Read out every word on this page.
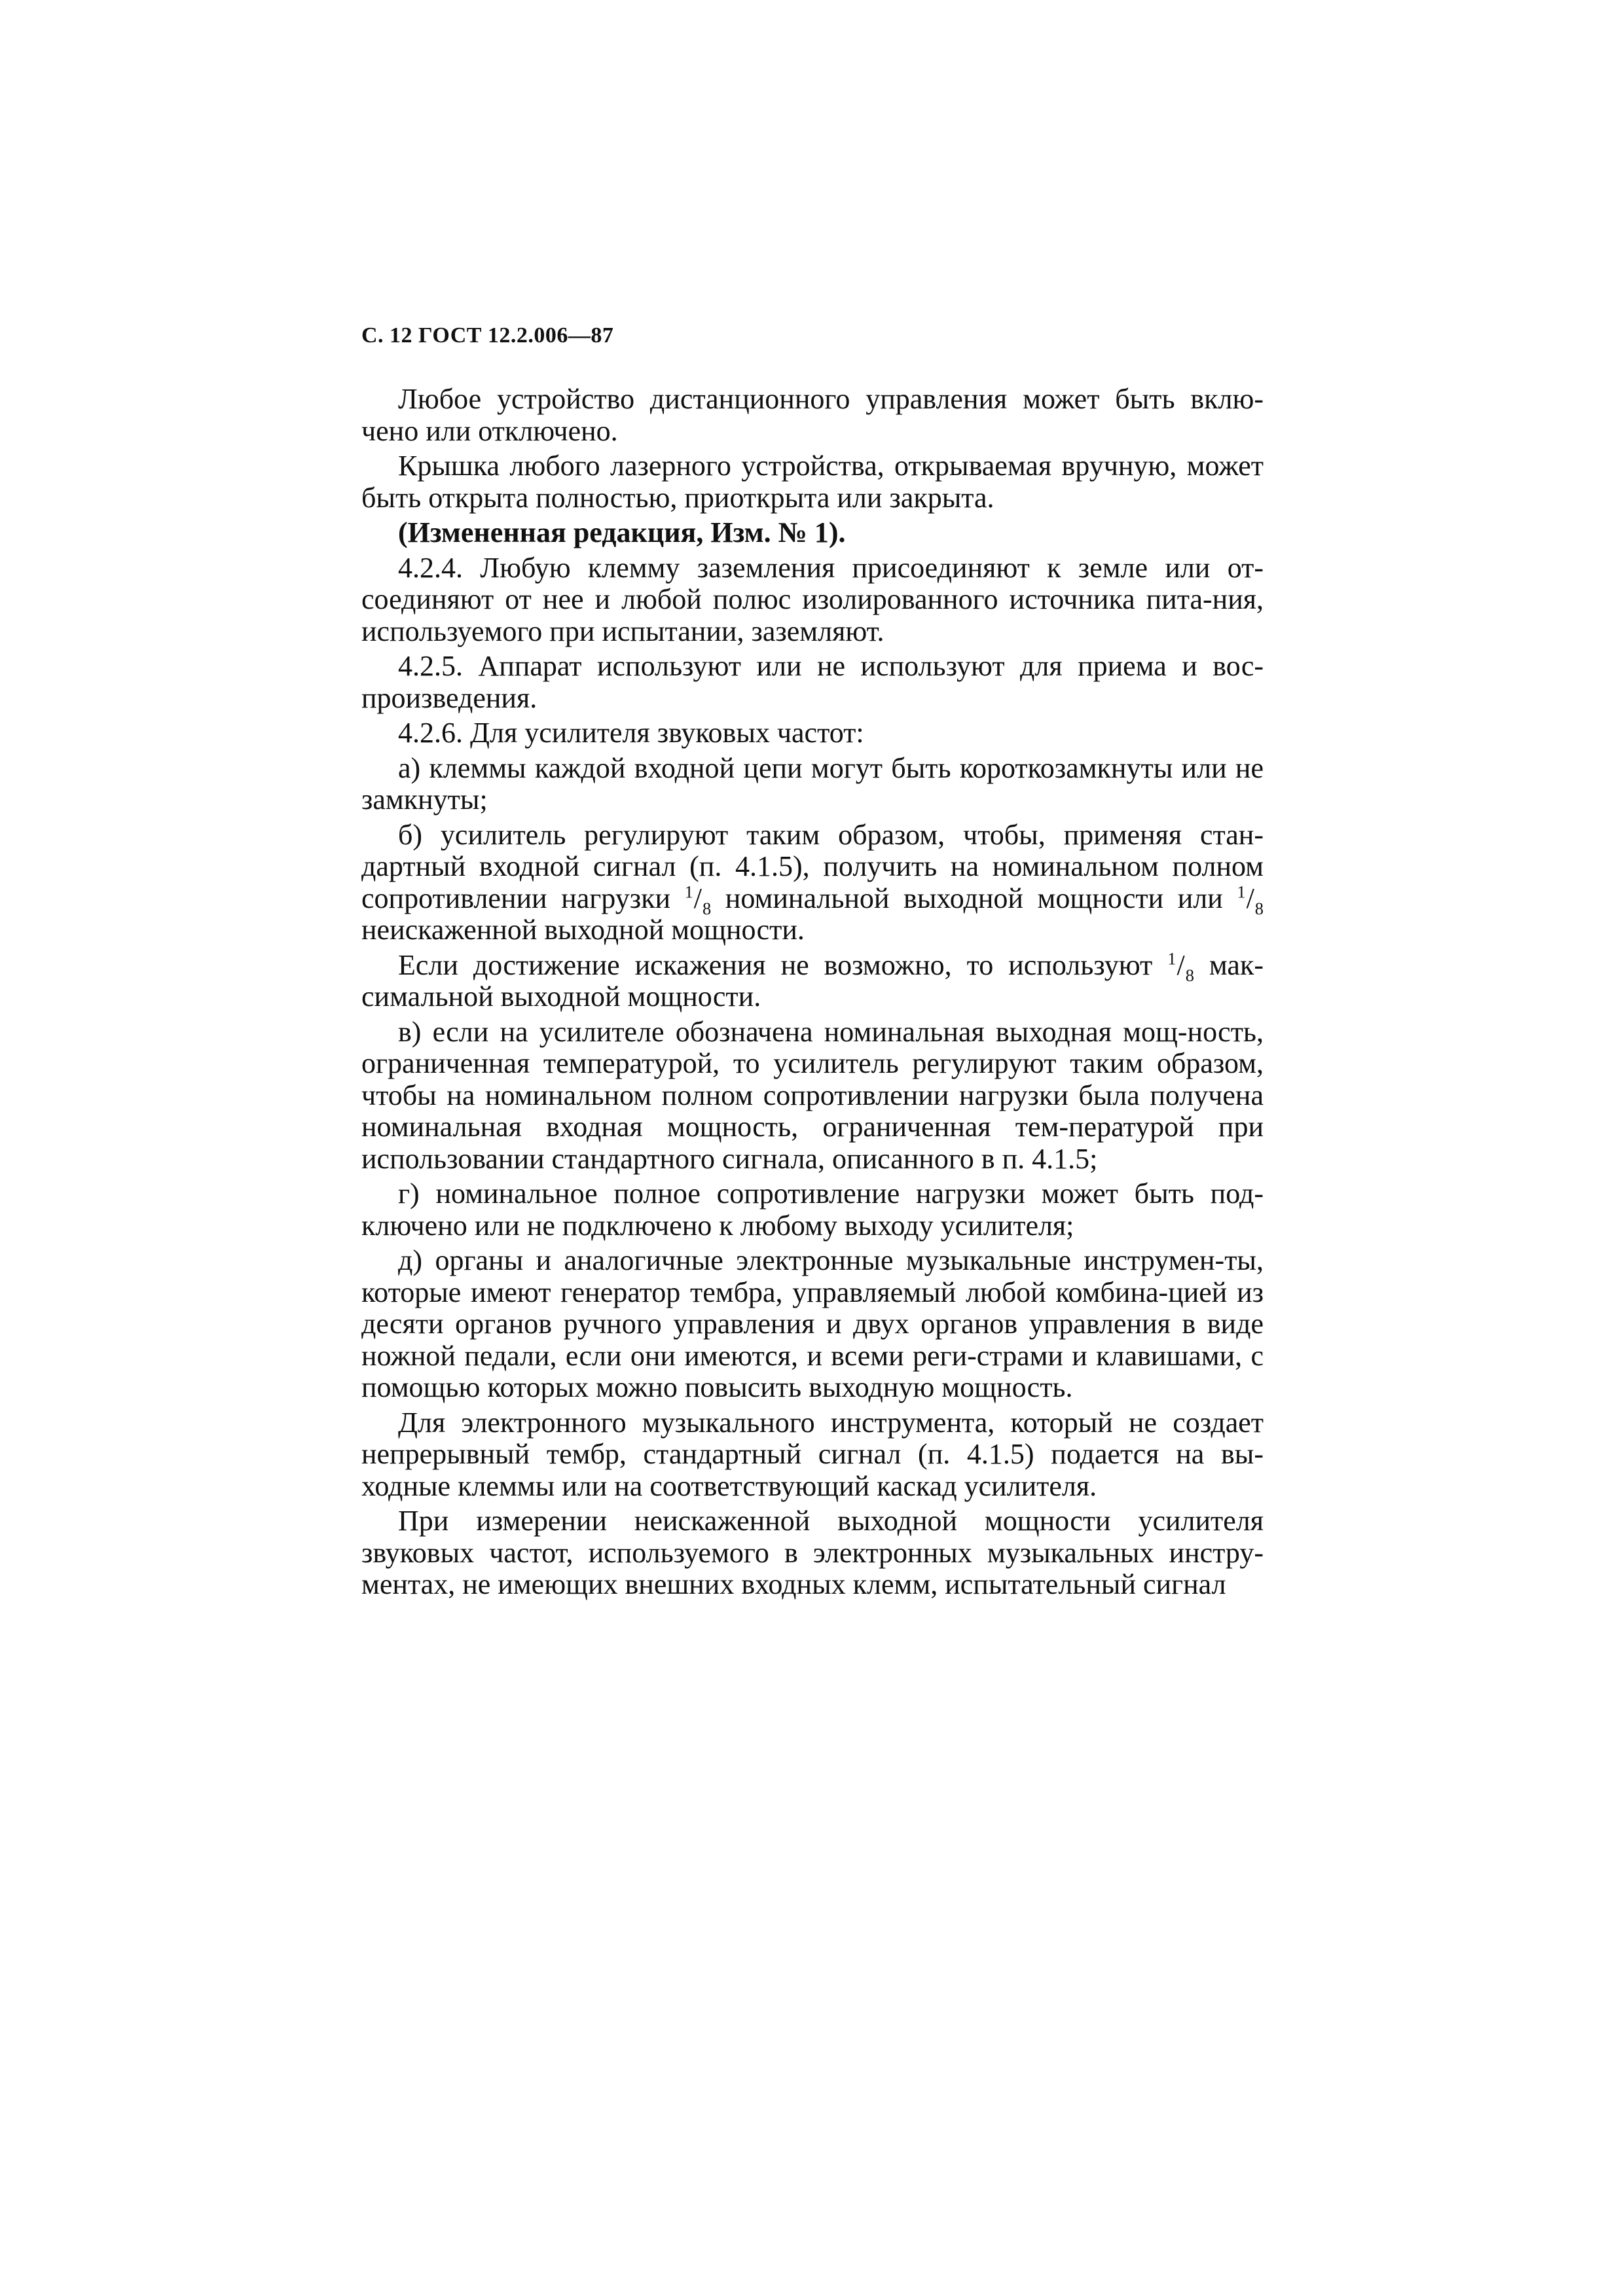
С. 12 ГОСТ 12.2.006—87

Любое устройство дистанционного управления может быть вклю-​чено или отключено.

Крышка любого лазерного устройства, открываемая вручную, может быть открыта полностью, приоткрыта или закрыта.

(Измененная редакция, Изм. № 1).

4.2.4. Любую клемму заземления присоединяют к земле или от-​соединяют от нее и любой полюс изолированного источника пита-​ния, используемого при испытании, заземляют.

4.2.5. Аппарат используют или не используют для приема и вос-​произведения.

4.2.6. Для усилителя звуковых частот:

а) клеммы каждой входной цепи могут быть короткозамкнуты или не замкнуты;

б) усилитель регулируют таким образом, чтобы, применяя стан-​дартный входной сигнал (п. 4.1.5), получить на номинальном полном сопротивлении нагрузки $^1/_8$ номинальной выходной мощности или $^1/_8$ неискаженной выходной мощности.

Если достижение искажения не возможно, то используют $^1/_8$ мак-​симальной выходной мощности.

в) если на усилителе обозначена номинальная выходная мощ-​ность, ограниченная температурой, то усилитель регулируют таким образом, чтобы на номинальном полном сопротивлении нагрузки была получена номинальная входная мощность, ограниченная тем-​пературой при использовании стандартного сигнала, описанного в п. 4.1.5;

г) номинальное полное сопротивление нагрузки может быть под-​ключено или не подключено к любому выходу усилителя;

д) органы и аналогичные электронные музыкальные инструмен-​ты, которые имеют генератор тембра, управляемый любой комбина-​цией из десяти органов ручного управления и двух органов управления в виде ножной педали, если они имеются, и всеми реги-​страми и клавишами, с помощью которых можно повысить выходную мощность.

Для электронного музыкального инструмента, который не создает непрерывный тембр, стандартный сигнал (п. 4.1.5) подается на вы-​ходные клеммы или на соответствующий каскад усилителя.

При измерении неискаженной выходной мощности усилителя звуковых частот, используемого в электронных музыкальных инстру-​ментах, не имеющих внешних входных клемм, испытательный сигнал
